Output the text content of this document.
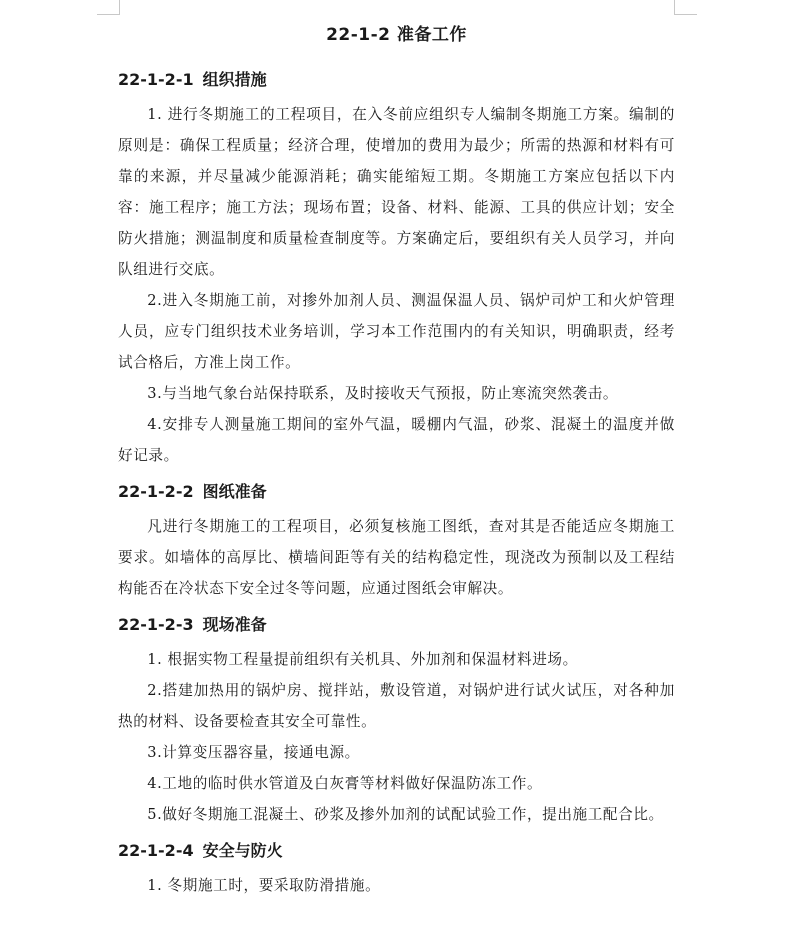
22-1-2 准备工作
22-1-2-1 组织措施

1. 进行冬期施工的工程项目，在入冬前应组织专人编制冬期施工方案。编制的原则是：确保工程质量；经济合理，使增加的费用为最少；所需的热源和材料有可靠的来源，并尽量减少能源消耗；确实能缩短工期。冬期施工方案应包括以下内容：施工程序；施工方法；现场布置；设备、材料、能源、工具的供应计划；安全防火措施；测温制度和质量检查制度等。方案确定后，要组织有关人员学习，并向队组进行交底。

2.进入冬期施工前，对掺外加剂人员、测温保温人员、锅炉司炉工和火炉管理人员，应专门组织技术业务培训，学习本工作范围内的有关知识，明确职责，经考试合格后，方准上岗工作。

3.与当地气象台站保持联系，及时接收天气预报，防止寒流突然袭击。

4.安排专人测量施工期间的室外气温，暖棚内气温，砂浆、混凝土的温度并做好记录。

22-1-2-2 图纸准备

凡进行冬期施工的工程项目，必须复核施工图纸，查对其是否能适应冬期施工要求。如墙体的高厚比、横墙间距等有关的结构稳定性，现浇改为预制以及工程结构能否在冷状态下安全过冬等问题，应通过图纸会审解决。

22-1-2-3 现场准备

1. 根据实物工程量提前组织有关机具、外加剂和保温材料进场。

2.搭建加热用的锅炉房、搅拌站，敷设管道，对锅炉进行试火试压，对各种加热的材料、设备要检查其安全可靠性。

3.计算变压器容量，接通电源。

4.工地的临时供水管道及白灰膏等材料做好保温防冻工作。

5.做好冬期施工混凝土、砂浆及掺外加剂的试配试验工作，提出施工配合比。

22-1-2-4 安全与防火

1. 冬期施工时，要采取防滑措施。
